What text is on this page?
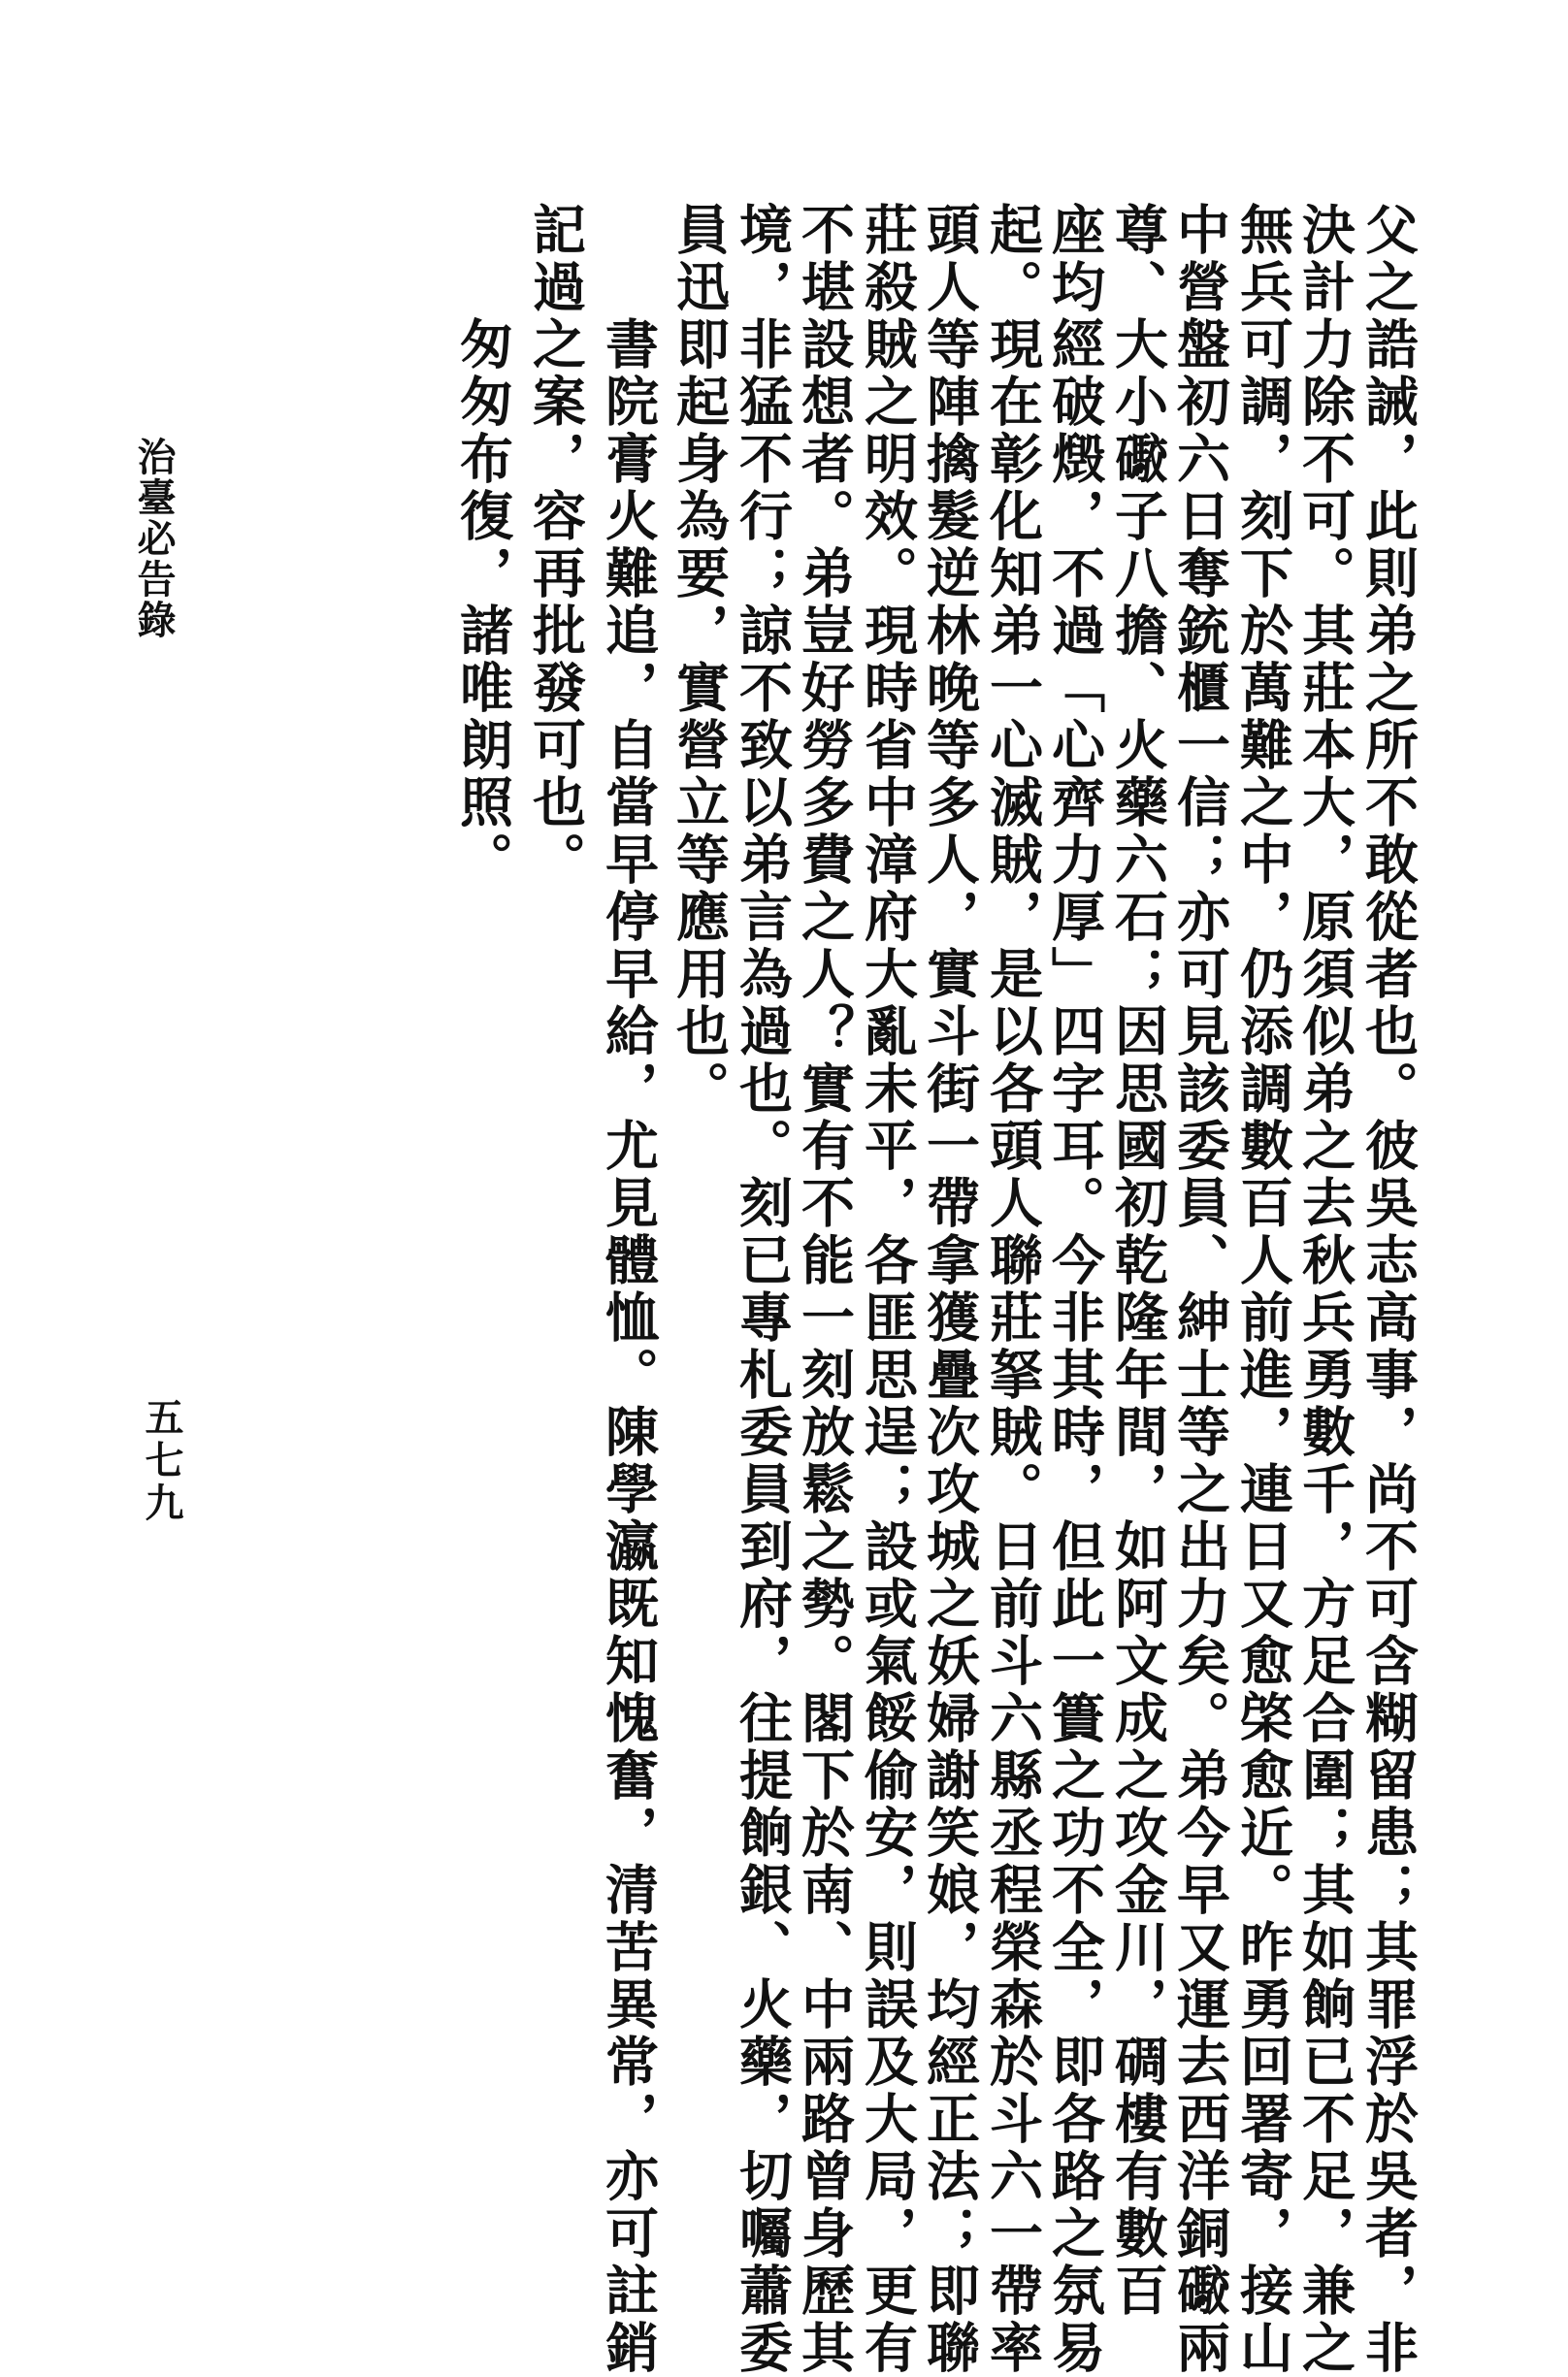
治臺必告錄
五七九	父之誥誡，此則弟之所不敢從者也。彼吳志高事，尚不可含糊留患；其罪浮於吳者，非
決計力除不可。其莊本大，原須似弟之去秋兵勇數千，方足合圍；其如餉已不足，兼之
無兵可調，刻下於萬難之中，仍添調數百人前進，連日又愈棨愈近。昨勇回署寄，接山
中營盤初六日奪銃櫃一信；亦可見該委員、紳士等之出力矣。弟今早又運去西洋銅礮兩
尊、大小礮子八擔、火藥六石；因思國初乾隆年間，如阿文成之攻金川，碉樓有數百
座均經破燬，不過「心齊力厚」四字耳。今非其時，但此一簣之功不全，即各路之氛易
起。現在彰化知弟一心滅賊，是以各頭人聯莊拏賊。日前斗六縣丞程榮森於斗六一帶率
頭人等陣擒髮逆林晚等多人，實斗街一帶拿獲疊次攻城之妖婦謝笑娘，均經正法；即聯
莊殺賊之明效。現時省中漳府大亂未平，各匪思逞；設或氣餒偷安，則誤及大局，更有
不堪設想者。弟豈好勞多費之人？實有不能一刻放鬆之勢。閣下於南、中兩路曾身歷其
境，非猛不行；諒不致以弟言為過也。刻已專札委員到府，往提餉銀、火藥，切囑蕭委
員迅即起身為要，實營立等應用也。
　　書院膏火難追，自當早停早給，尤見體恤。陳學瀛既知愧奮，清苦異常，亦可註銷
記過之案，容再批發可也。
　　匆匆布復，諸唯朗照。
